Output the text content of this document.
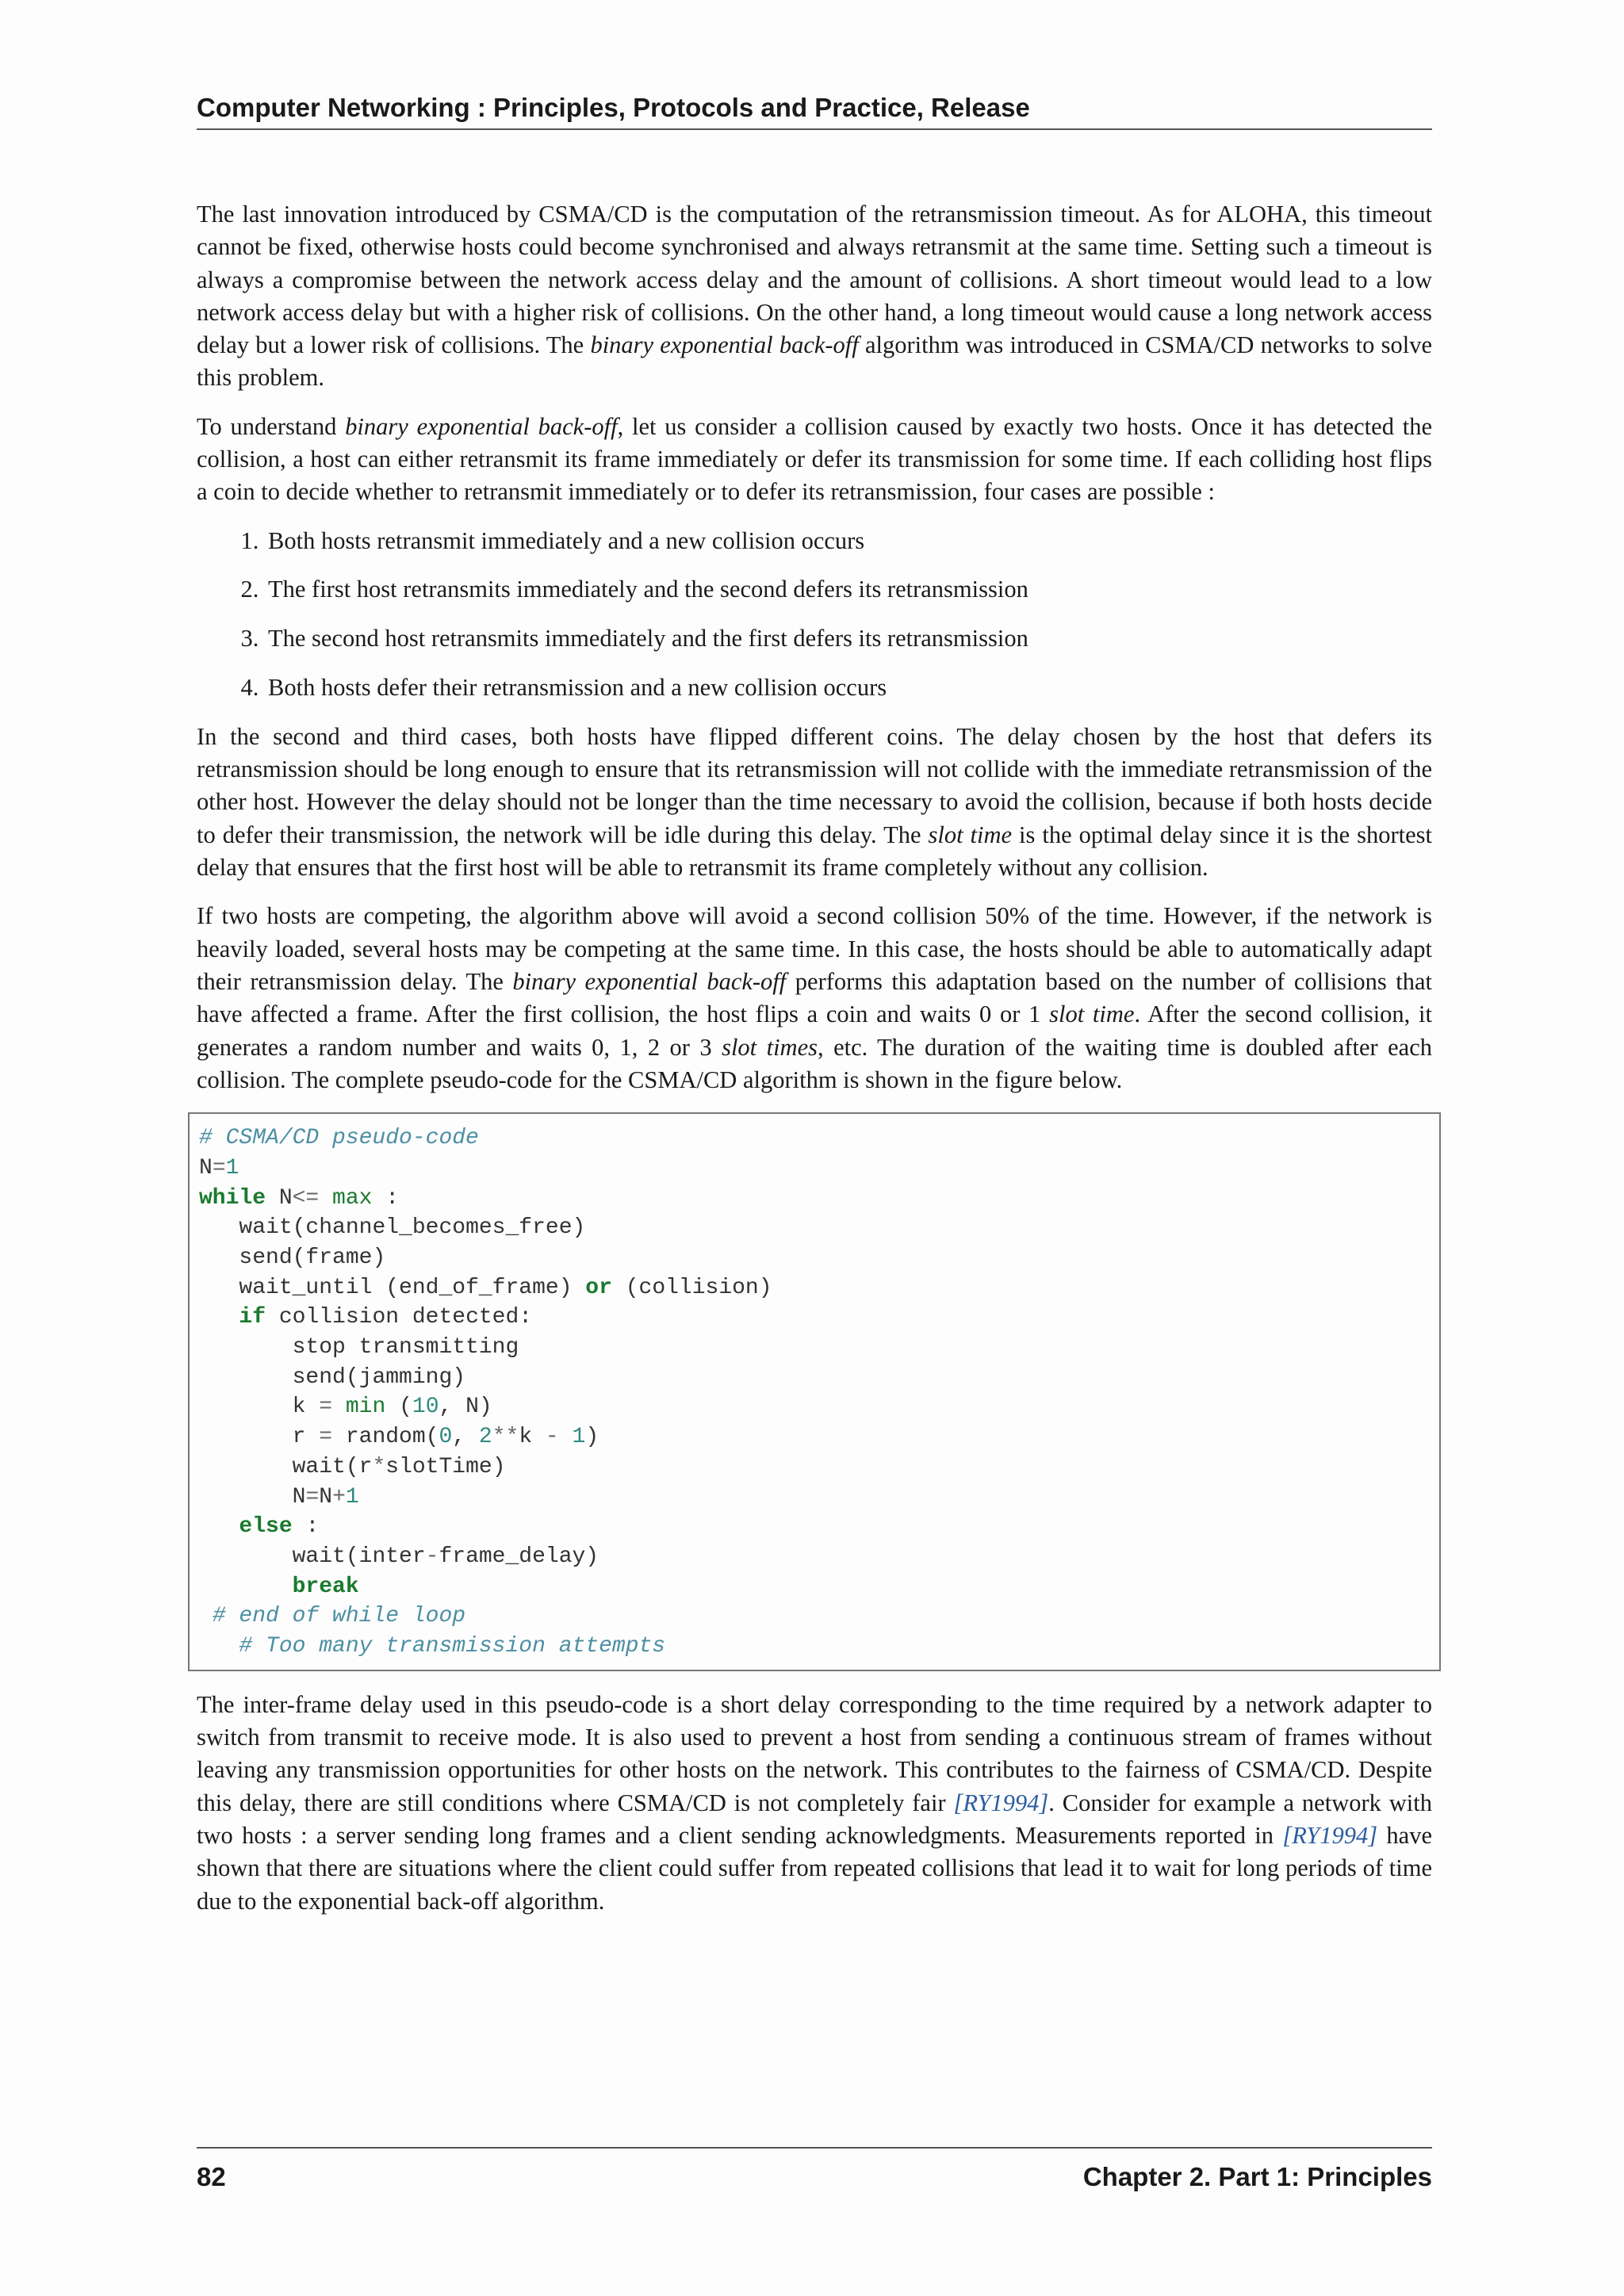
Computer Networking : Principles, Protocols and Practice, Release

The last innovation introduced by CSMA/CD is the computation of the retransmission timeout. As for ALOHA, this timeout cannot be fixed, otherwise hosts could become synchronised and always retransmit at the same time. Setting such a timeout is always a compromise between the network access delay and the amount of collisions. A short timeout would lead to a low network access delay but with a higher risk of collisions. On the other hand, a long timeout would cause a long network access delay but a lower risk of collisions. The binary exponential back-off algorithm was introduced in CSMA/CD networks to solve this problem.

To understand binary exponential back-off, let us consider a collision caused by exactly two hosts. Once it has detected the collision, a host can either retransmit its frame immediately or defer its transmission for some time. If each colliding host flips a coin to decide whether to retransmit immediately or to defer its retransmission, four cases are possible :

1. Both hosts retransmit immediately and a new collision occurs
2. The first host retransmits immediately and the second defers its retransmission
3. The second host retransmits immediately and the first defers its retransmission
4. Both hosts defer their retransmission and a new collision occurs

In the second and third cases, both hosts have flipped different coins. The delay chosen by the host that defers its retransmission should be long enough to ensure that its retransmission will not collide with the immediate retransmission of the other host. However the delay should not be longer than the time necessary to avoid the collision, because if both hosts decide to defer their transmission, the network will be idle during this delay. The slot time is the optimal delay since it is the shortest delay that ensures that the first host will be able to retransmit its frame completely without any collision.

If two hosts are competing, the algorithm above will avoid a second collision 50% of the time. However, if the network is heavily loaded, several hosts may be competing at the same time. In this case, the hosts should be able to automatically adapt their retransmission delay. The binary exponential back-off performs this adaptation based on the number of collisions that have affected a frame. After the first collision, the host flips a coin and waits 0 or 1 slot time. After the second collision, it generates a random number and waits 0, 1, 2 or 3 slot times, etc. The duration of the waiting time is doubled after each collision. The complete pseudo-code for the CSMA/CD algorithm is shown in the figure below.

# CSMA/CD pseudo-code
N=1
while N<= max :
wait(channel_becomes_free)
send(frame)
wait_until (end_of_frame) or (collision)
if collision detected:
stop transmitting
send(jamming)
k = min (10, N)
r = random(0, 2**k - 1)
wait(r*slotTime)
N=N+1
else :
wait(inter-frame_delay)
break
# end of while loop
# Too many transmission attempts

The inter-frame delay used in this pseudo-code is a short delay corresponding to the time required by a network adapter to switch from transmit to receive mode. It is also used to prevent a host from sending a continuous stream of frames without leaving any transmission opportunities for other hosts on the network. This contributes to the fairness of CSMA/CD. Despite this delay, there are still conditions where CSMA/CD is not completely fair [RY1994]. Consider for example a network with two hosts : a server sending long frames and a client sending acknowledgments. Measurements reported in [RY1994] have shown that there are situations where the client could suffer from repeated collisions that lead it to wait for long periods of time due to the exponential back-off algorithm.

82	Chapter 2. Part 1: Principles
